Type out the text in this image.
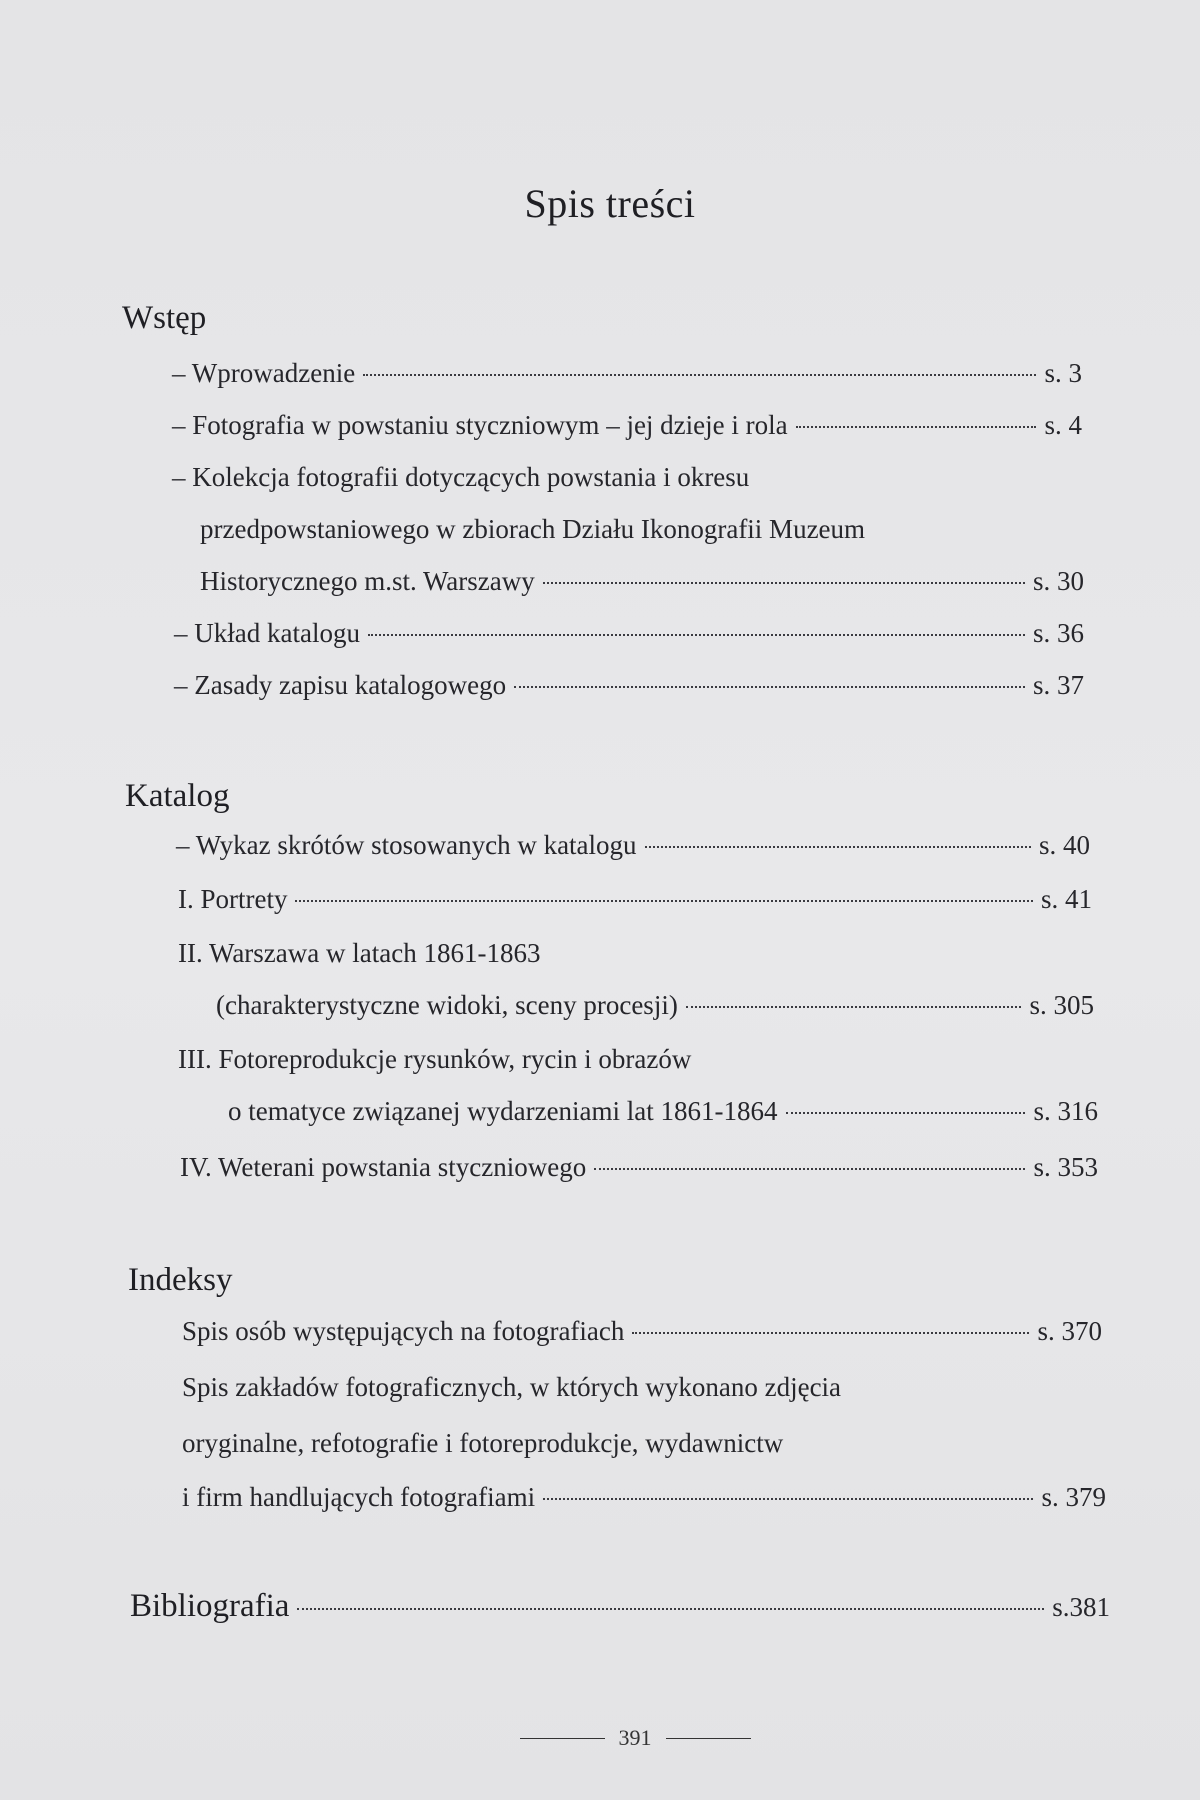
Spis treści
Wstęp
– Wprowadzenie	s. 3
– Fotografia w powstaniu styczniowym – jej dzieje i rola	s. 4
– Kolekcja fotografii dotyczących powstania i okresu
przedpowstaniowego w zbiorach Działu Ikonografii Muzeum
Historycznego m.st. Warszawy	s. 30
– Układ katalogu	s. 36
– Zasady zapisu katalogowego	s. 37
Katalog
– Wykaz skrótów stosowanych w katalogu	s. 40
I. Portrety	s. 41
II. Warszawa w latach 1861-1863
(charakterystyczne widoki, sceny procesji)	s. 305
III. Fotoreprodukcje rysunków, rycin i obrazów
o tematyce związanej wydarzeniami lat 1861-1864	s. 316
IV. Weterani powstania styczniowego	s. 353
Indeksy
Spis osób występujących na fotografiach	s. 370
Spis zakładów fotograficznych, w których wykonano zdjęcia
oryginalne, refotografie i fotoreprodukcje, wydawnictw
i firm handlujących fotografiami	s. 379
Bibliografia	s.381
391
